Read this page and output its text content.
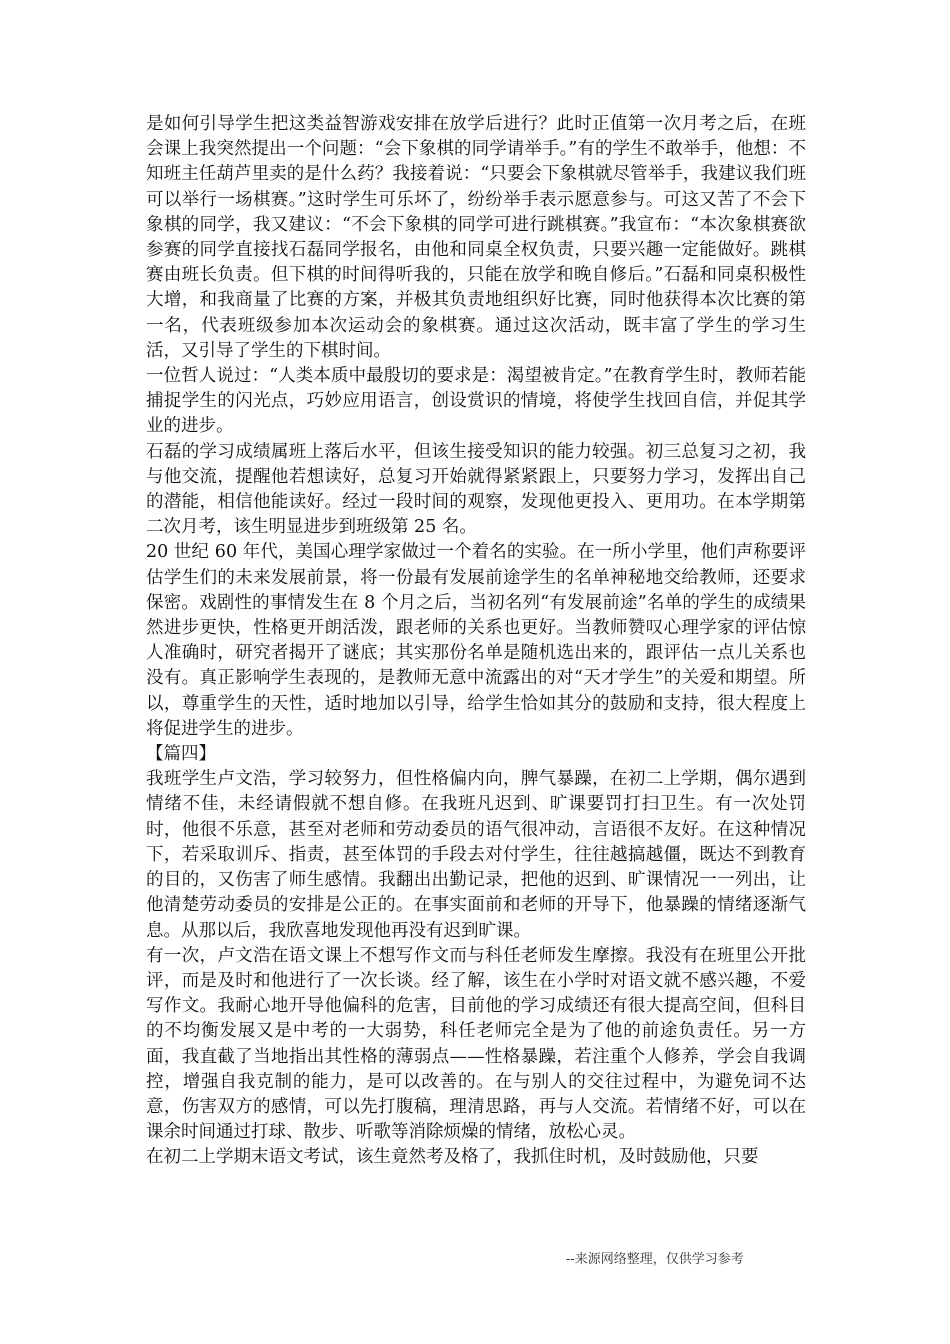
是如何引导学生把这类益智游戏安排在放学后进行？此时正值第一次月考之后，在班会课上我突然提出一个问题：“会下象棋的同学请举手。”有的学生不敢举手，他想：不知班主任葫芦里卖的是什么药？我接着说：“只要会下象棋就尽管举手，我建议我们班可以举行一场棋赛。”这时学生可乐坏了，纷纷举手表示愿意参与。可这又苦了不会下象棋的同学，我又建议：“不会下象棋的同学可进行跳棋赛。”我宣布：“本次象棋赛欲参赛的同学直接找石磊同学报名，由他和同桌全权负责，只要兴趣一定能做好。跳棋赛由班长负责。但下棋的时间得听我的，只能在放学和晚自修后。”石磊和同桌积极性大增，和我商量了比赛的方案，并极其负责地组织好比赛，同时他获得本次比赛的第一名，代表班级参加本次运动会的象棋赛。通过这次活动，既丰富了学生的学习生活，又引导了学生的下棋时间。

一位哲人说过：“人类本质中最殷切的要求是：渴望被肯定。”在教育学生时，教师若能捕捉学生的闪光点，巧妙应用语言，创设赏识的情境，将使学生找回自信，并促其学业的进步。

石磊的学习成绩属班上落后水平，但该生接受知识的能力较强。初三总复习之初，我与他交流，提醒他若想读好，总复习开始就得紧紧跟上，只要努力学习，发挥出自己的潜能，相信他能读好。经过一段时间的观察，发现他更投入、更用功。在本学期第二次月考，该生明显进步到班级第 25 名。

20 世纪 60 年代，美国心理学家做过一个着名的实验。在一所小学里，他们声称要评估学生们的未来发展前景，将一份最有发展前途学生的名单神秘地交给教师，还要求保密。戏剧性的事情发生在 8 个月之后，当初名列“有发展前途”名单的学生的成绩果然进步更快，性格更开朗活泼，跟老师的关系也更好。当教师赞叹心理学家的评估惊人准确时，研究者揭开了谜底；其实那份名单是随机选出来的，跟评估一点儿关系也没有。真正影响学生表现的，是教师无意中流露出的对“天才学生”的关爱和期望。所以，尊重学生的天性，适时地加以引导，给学生恰如其分的鼓励和支持，很大程度上将促进学生的进步。

【篇四】

我班学生卢文浩，学习较努力，但性格偏内向，脾气暴躁，在初二上学期，偶尔遇到情绪不佳，未经请假就不想自修。在我班凡迟到、旷课要罚打扫卫生。有一次处罚时，他很不乐意，甚至对老师和劳动委员的语气很冲动，言语很不友好。在这种情况下，若采取训斥、指责，甚至体罚的手段去对付学生，往往越搞越僵，既达不到教育的目的，又伤害了师生感情。我翻出出勤记录，把他的迟到、旷课情况一一列出，让他清楚劳动委员的安排是公正的。在事实面前和老师的开导下，他暴躁的情绪逐渐气息。从那以后，我欣喜地发现他再没有迟到旷课。

有一次，卢文浩在语文课上不想写作文而与科任老师发生摩擦。我没有在班里公开批评，而是及时和他进行了一次长谈。经了解，该生在小学时对语文就不感兴趣，不爱写作文。我耐心地开导他偏科的危害，目前他的学习成绩还有很大提高空间，但科目的不均衡发展又是中考的一大弱势，科任老师完全是为了他的前途负责任。另一方面，我直截了当地指出其性格的薄弱点——性格暴躁，若注重个人修养，学会自我调控，增强自我克制的能力，是可以改善的。在与别人的交往过程中，为避免词不达意，伤害双方的感情，可以先打腹稿，理清思路，再与人交流。若情绪不好，可以在课余时间通过打球、散步、听歌等消除烦燥的情绪，放松心灵。

在初二上学期末语文考试，该生竟然考及格了，我抓住时机，及时鼓励他，只要

--来源网络整理，仅供学习参考
